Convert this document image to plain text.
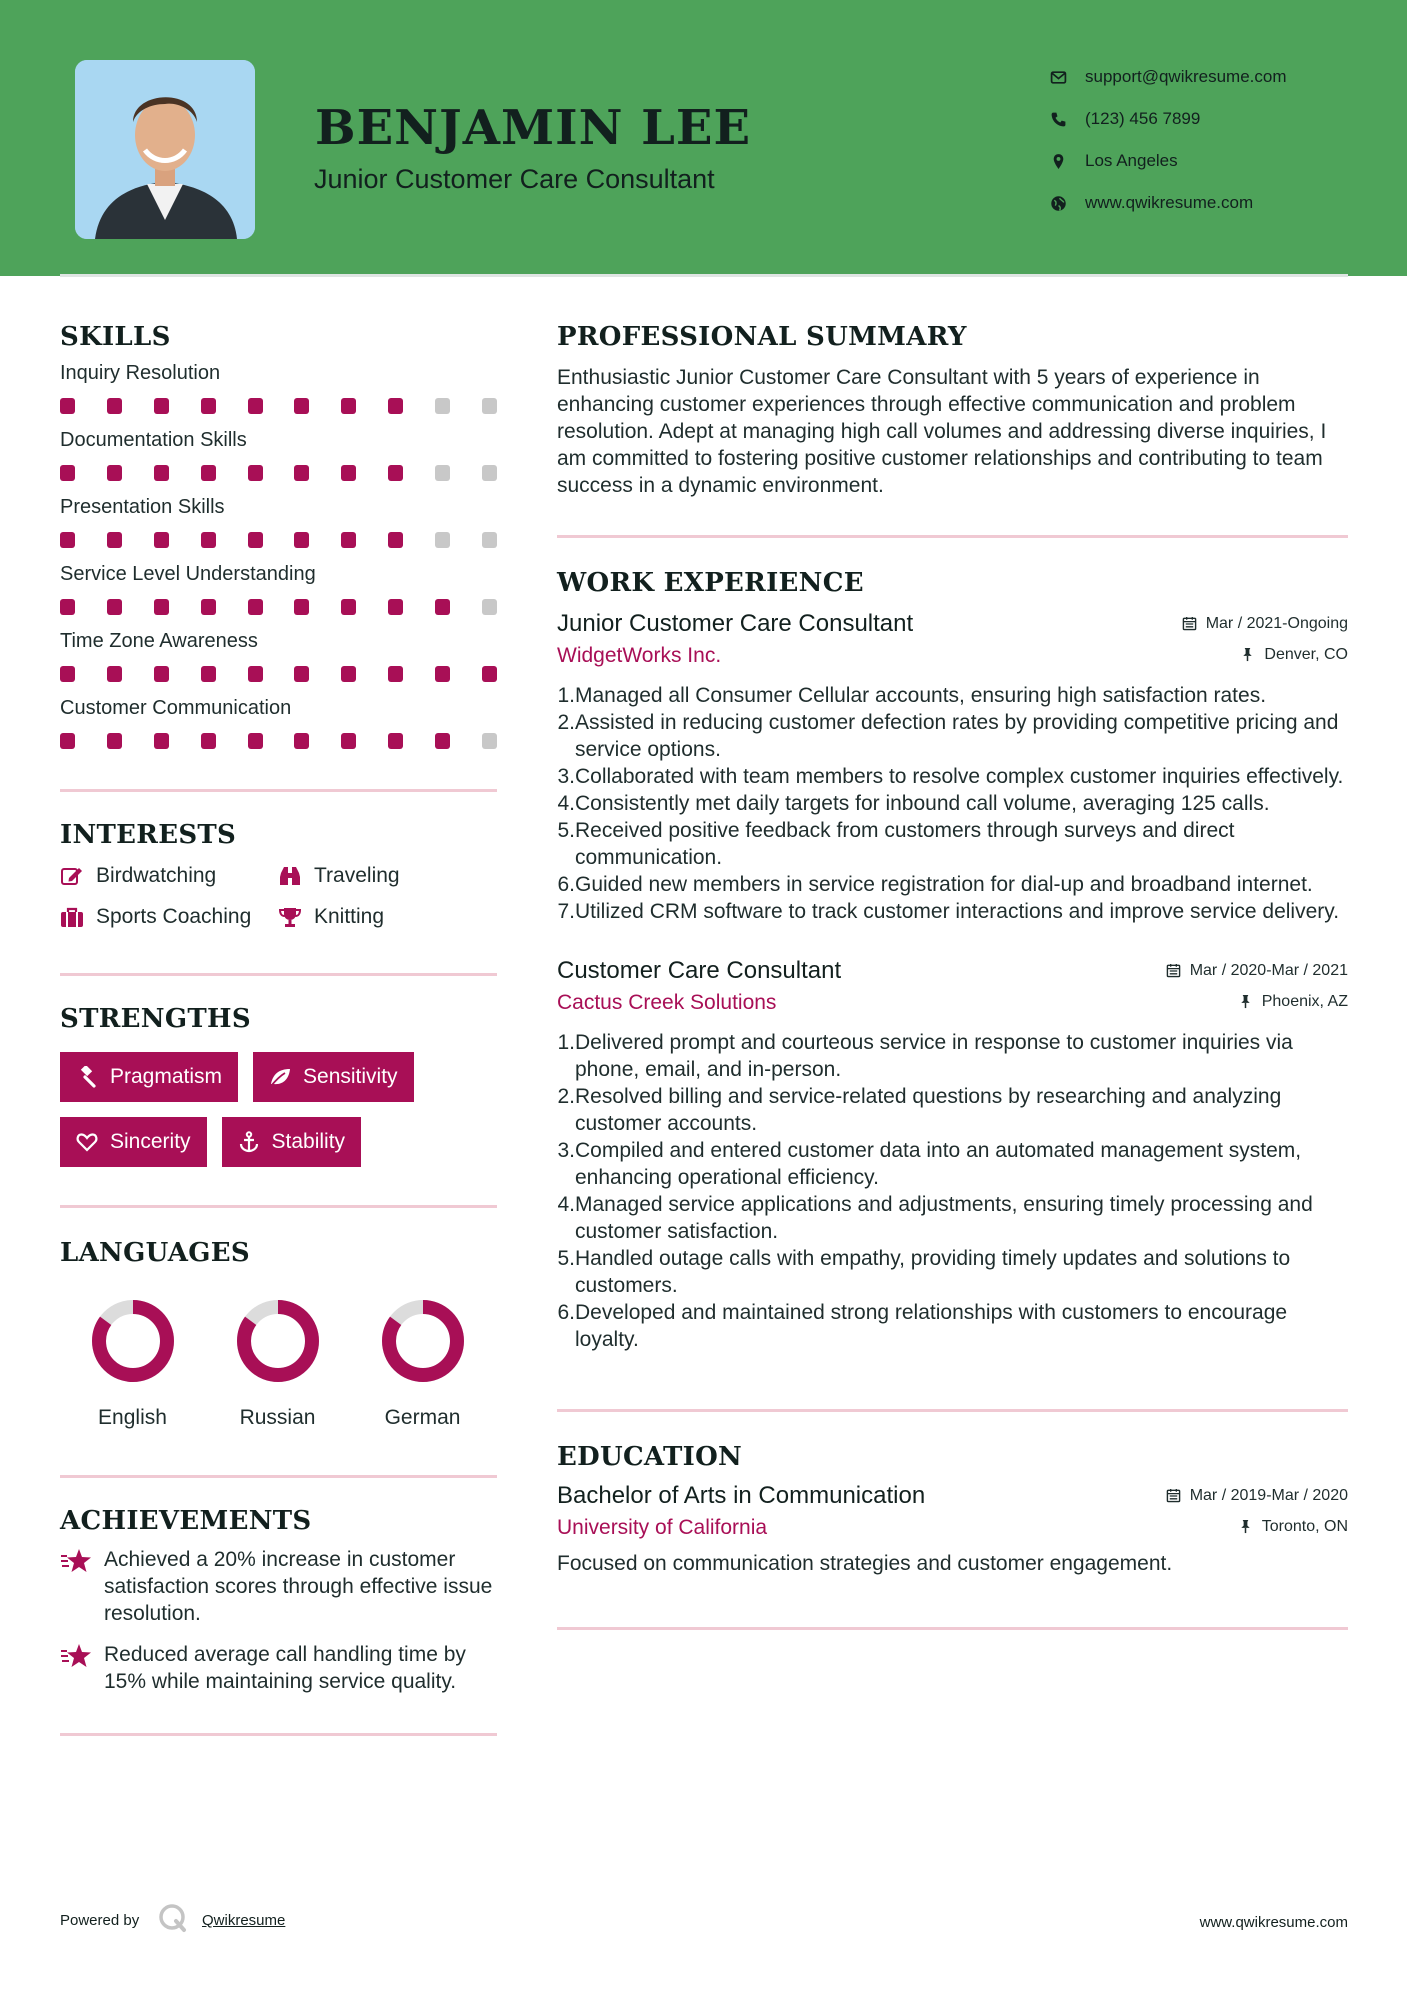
BENJAMIN LEE
Junior Customer Care Consultant
support@qwikresume.com
(123) 456 7899
Los Angeles
www.qwikresume.com
SKILLS
Inquiry Resolution
Documentation Skills
Presentation Skills
Service Level Understanding
Time Zone Awareness
Customer Communication
INTERESTS
Birdwatching	Traveling
Sports Coaching	Knitting
STRENGTHS
Pragmatism	Sensitivity
Sincerity	Stability
LANGUAGES
English	Russian	German
ACHIEVEMENTS
Achieved a 20% increase in customer satisfaction scores through effective issue resolution.
Reduced average call handling time by 15% while maintaining service quality.
PROFESSIONAL SUMMARY
Enthusiastic Junior Customer Care Consultant with 5 years of experience in enhancing customer experiences through effective communication and problem resolution. Adept at managing high call volumes and addressing diverse inquiries, I am committed to fostering positive customer relationships and contributing to team success in a dynamic environment.
WORK EXPERIENCE
Junior Customer Care Consultant	Mar / 2021-Ongoing
WidgetWorks Inc.	Denver, CO
1. Managed all Consumer Cellular accounts, ensuring high satisfaction rates.
2. Assisted in reducing customer defection rates by providing competitive pricing and service options.
3. Collaborated with team members to resolve complex customer inquiries effectively.
4. Consistently met daily targets for inbound call volume, averaging 125 calls.
5. Received positive feedback from customers through surveys and direct communication.
6. Guided new members in service registration for dial-up and broadband internet.
7. Utilized CRM software to track customer interactions and improve service delivery.
Customer Care Consultant	Mar / 2020-Mar / 2021
Cactus Creek Solutions	Phoenix, AZ
1. Delivered prompt and courteous service in response to customer inquiries via phone, email, and in-person.
2. Resolved billing and service-related questions by researching and analyzing customer accounts.
3. Compiled and entered customer data into an automated management system, enhancing operational efficiency.
4. Managed service applications and adjustments, ensuring timely processing and customer satisfaction.
5. Handled outage calls with empathy, providing timely updates and solutions to customers.
6. Developed and maintained strong relationships with customers to encourage loyalty.
EDUCATION
Bachelor of Arts in Communication	Mar / 2019-Mar / 2020
University of California	Toronto, ON
Focused on communication strategies and customer engagement.
Powered by	Qwikresume	www.qwikresume.com
